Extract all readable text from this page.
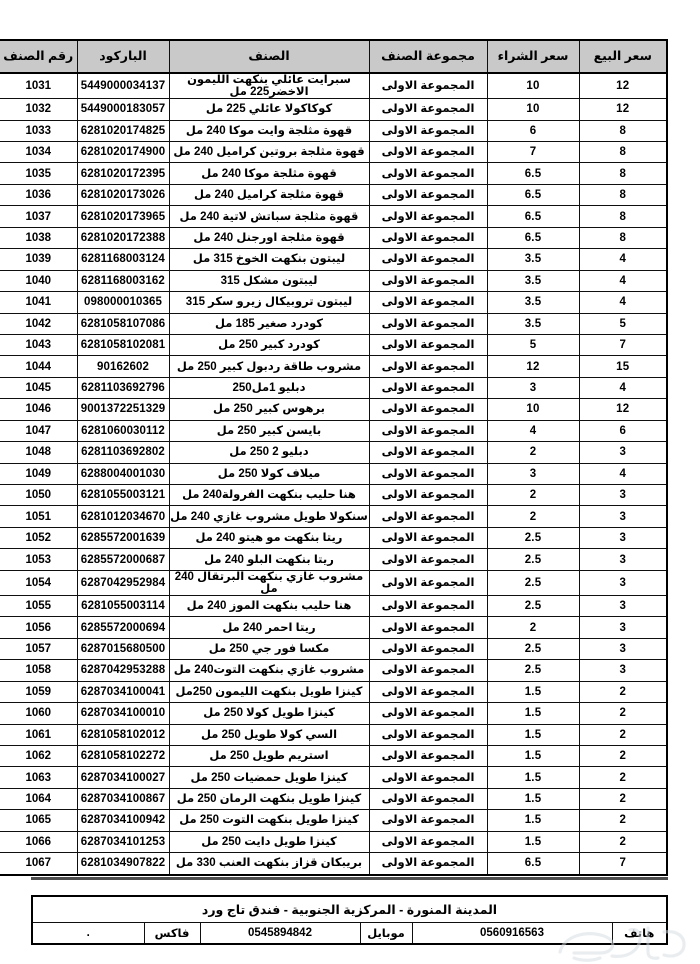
سعر البيع	سعر الشراء	مجموعة الصنف	الصنف	الباركود	رقم الصنف
12	10	المجموعة الاولى	سبرايت عائلي بنكهت الليمون الاخضر225 مل	5449000034137	1031
12	10	المجموعة الاولى	كوكاكولا عائلي 225 مل	5449000183057	1032
8	6	المجموعة الاولى	قهوة مثلجة وايت موكا 240 مل	6281020174825	1033
8	7	المجموعة الاولى	قهوة مثلجة بروتين كراميل 240 مل	6281020174900	1034
8	6.5	المجموعة الاولى	قهوة مثلجة موكا 240 مل	6281020172395	1035
8	6.5	المجموعة الاولى	قهوة مثلجة كراميل 240 مل	6281020173026	1036
8	6.5	المجموعة الاولى	قهوة مثلجة سباتش لاتية 240 مل	6281020173965	1037
8	6.5	المجموعة الاولى	قهوة مثلجة اورجنل 240 مل	6281020172388	1038
4	3.5	المجموعة الاولى	ليبتون بنكهت الخوخ 315 مل	6281168003124	1039
4	3.5	المجموعة الاولى	ليبتون مشكل 315	6281168003162	1040
4	3.5	المجموعة الاولى	ليبتون تروبيكال زيرو سكر 315	098000010365	1041
5	3.5	المجموعة الاولى	كودرد صغير 185 مل	6281058107086	1042
7	5	المجموعة الاولى	كودرد كبير 250 مل	6281058102081	1043
15	12	المجموعة الاولى	مشروب طاقة ردبول كبير 250 مل	90162602	1044
4	3	المجموعة الاولى	دبليو 1مل250	6281103692796	1045
12	10	المجموعة الاولى	برهوس كبير 250 مل	9001372251329	1046
6	4	المجموعة الاولى	بايسن كبير 250 مل	6281060030112	1047
3	2	المجموعة الاولى	دبليو 2 250 مل	6281103692802	1048
4	3	المجموعة الاولى	ميلاف كولا 250 مل	6288004001030	1049
3	2	المجموعة الاولى	هنا حليب بنكهت الفرولة240 مل	6281055003121	1050
3	2	المجموعة الاولى	سنكولا طويل مشروب غازي 240 مل	6281012034670	1051
3	2.5	المجموعة الاولى	ريتا بنكهت مو هيتو 240 مل	6285572001639	1052
3	2.5	المجموعة الاولى	ريتا بنكهت البلو 240 مل	6285572000687	1053
3	2.5	المجموعة الاولى	مشروب غازي بنكهت البرتقال 240 مل	6287042952984	1054
3	2.5	المجموعة الاولى	هنا حليب بنكهت الموز 240 مل	6281055003114	1055
3	2	المجموعة الاولى	ريتا احمر 240 مل	6285572000694	1056
3	2.5	المجموعة الاولى	مكسا فور جي 250 مل	6287015680500	1057
3	2.5	المجموعة الاولى	مشروب غازي بنكهت التوت240 مل	6287042953288	1058
2	1.5	المجموعة الاولى	كينزا طويل بنكهت الليمون 250مل	6287034100041	1059
2	1.5	المجموعة الاولى	كينزا طويل كولا 250 مل	6287034100010	1060
2	1.5	المجموعة الاولى	السي كولا طويل 250 مل	6281058102012	1061
2	1.5	المجموعة الاولى	استريم طويل 250 مل	6281058102272	1062
2	1.5	المجموعة الاولى	كينزا طويل حمضيات 250 مل	6287034100027	1063
2	1.5	المجموعة الاولى	كينزا طويل بنكهت الرمان 250 مل	6287034100867	1064
2	1.5	المجموعة الاولى	كينزا طويل بنكهت التوت 250 مل	6287034100942	1065
2	1.5	المجموعة الاولى	كينزا طويل دايت 250 مل	6287034101253	1066
7	6.5	المجموعة الاولى	بريبكان قزاز بنكهت العنب 330 مل	6281034907822	1067
المدينة المنورة - المركزية الجنوبية - فندق تاج ورد
هاتف	0560916563	موبايل	0545894842	فاكس	.
